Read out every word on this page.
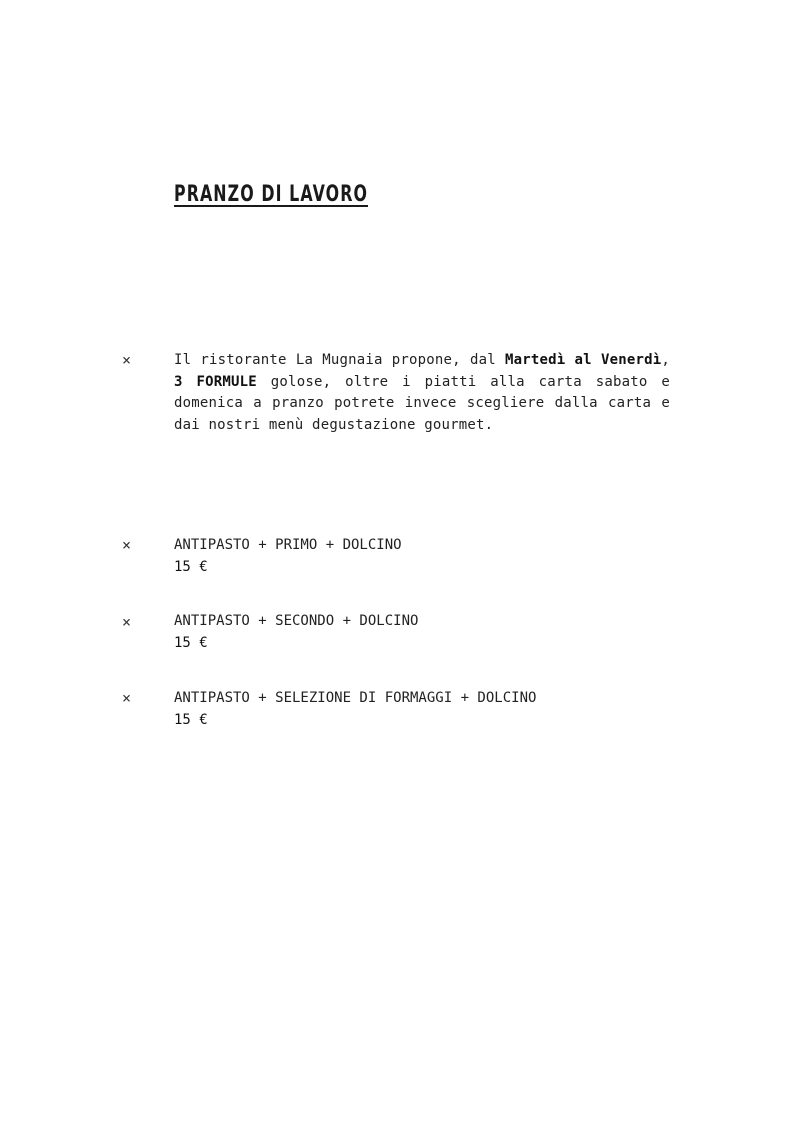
PRANZO DI LAVORO
×	Il ristorante La Mugnaia propone, dal Martedì al Venerdì, 3 FORMULE golose, oltre i piatti alla carta sabato e domenica a pranzo potrete invece scegliere dalla carta e dai nostri menù degustazione gourmet.

×	ANTIPASTO + PRIMO + DOLCINO
15 €
×	ANTIPASTO + SECONDO + DOLCINO
15 €
×	ANTIPASTO + SELEZIONE DI FORMAGGI + DOLCINO
15 €
